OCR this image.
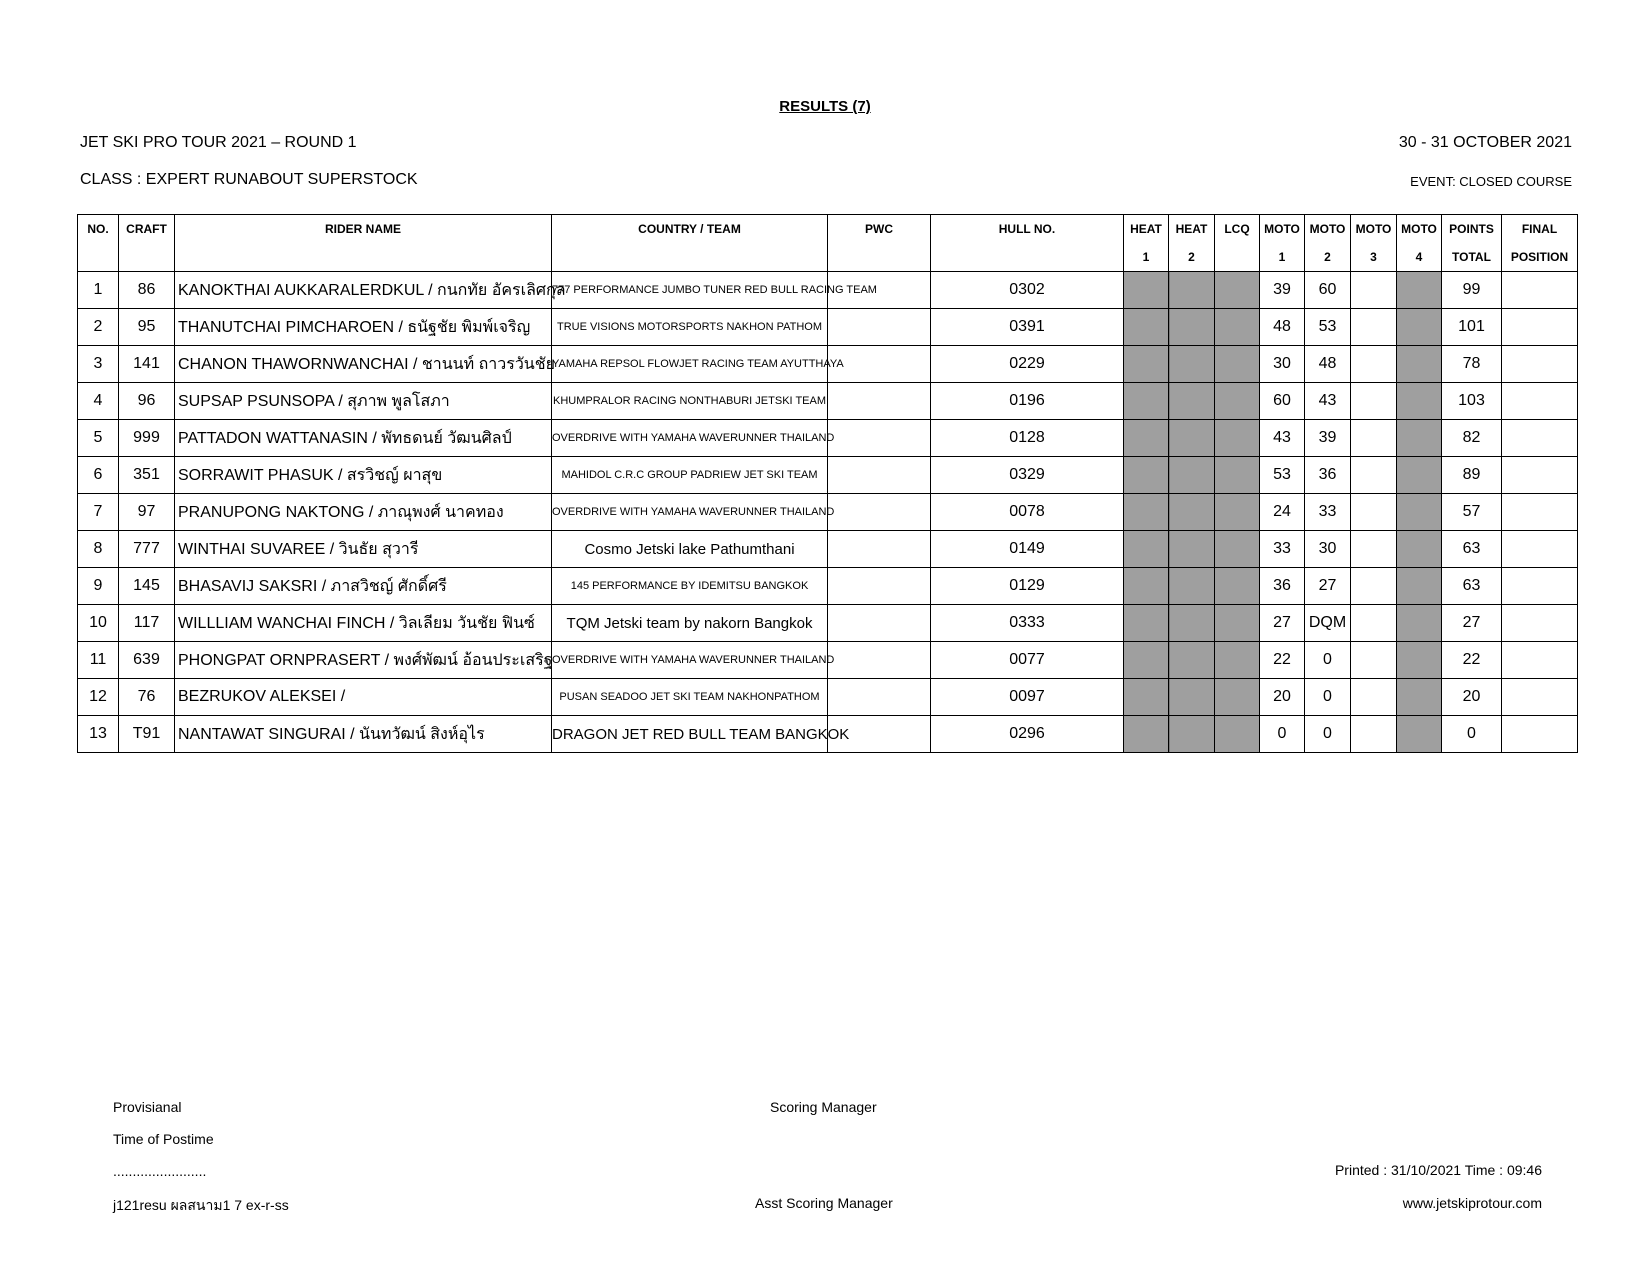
RESULTS (7)
JET SKI PRO TOUR 2021 – ROUND 1	30 - 31 OCTOBER 2021
CLASS : EXPERT RUNABOUT SUPERSTOCK	EVENT: CLOSED COURSE
NO.	CRAFT	RIDER NAME	COUNTRY / TEAM	PWC	HULL NO.	HEAT	HEAT	LCQ	MOTO	MOTO	MOTO	MOTO	POINTS	FINAL
						1	2		1	2	3	4	TOTAL	POSITION
1	86	KANOKTHAI AUKKARALERDKUL / กนกทัย อัครเลิศกุล	777 PERFORMANCE JUMBO TUNER RED BULL RACING TEAM		0302				39	60			99	
2	95	THANUTCHAI PIMCHAROEN / ธนัฐชัย พิมพ์เจริญ	TRUE VISIONS MOTORSPORTS NAKHON PATHOM		0391				48	53			101	
3	141	CHANON THAWORNWANCHAI / ชานนท์ ถาวรวันชัย	YAMAHA REPSOL FLOWJET RACING TEAM AYUTTHAYA		0229				30	48			78	
4	96	SUPSAP PSUNSOPA / สุภาพ พูลโสภา	KHUMPRALOR RACING NONTHABURI JETSKI TEAM		0196				60	43			103	
5	999	PATTADON WATTANASIN / พัทธดนย์ วัฒนศิลป์	OVERDRIVE WITH YAMAHA WAVERUNNER THAILAND		0128				43	39			82	
6	351	SORRAWIT PHASUK / สรวิชญ์ ผาสุข	MAHIDOL C.R.C GROUP PADRIEW JET SKI TEAM		0329				53	36			89	
7	97	PRANUPONG NAKTONG / ภาณุพงศ์ นาคทอง	OVERDRIVE WITH YAMAHA WAVERUNNER THAILAND		0078				24	33			57	
8	777	WINTHAI SUVAREE / วินธัย สุวารี	Cosmo Jetski lake Pathumthani		0149				33	30			63	
9	145	BHASAVIJ SAKSRI / ภาสวิชญ์ ศักดิ์ศรี	145 PERFORMANCE BY IDEMITSU BANGKOK		0129				36	27			63	
10	117	WILLLIAM WANCHAI FINCH / วิลเลียม วันชัย ฟินซ์	TQM Jetski team by nakorn Bangkok		0333				27	DQM			27	
11	639	PHONGPAT ORNPRASERT / พงศ์พัฒน์ อ้อนประเสริฐ	OVERDRIVE WITH YAMAHA WAVERUNNER THAILAND		0077				22	0			22	
12	76	BEZRUKOV ALEKSEI /	PUSAN SEADOO JET SKI TEAM NAKHONPATHOM		0097				20	0			20	
13	T91	NANTAWAT SINGURAI / นันทวัฒน์ สิงห์อุไร	DRAGON JET RED BULL TEAM BANGKOK		0296				0	0			0	
Provisianal
Time of Postime
........................
j121resu ผลสนาม1 7 ex-r-ss
Scoring Manager
Asst Scoring Manager
Printed : 31/10/2021 Time : 09:46
www.jetskiprotour.com
